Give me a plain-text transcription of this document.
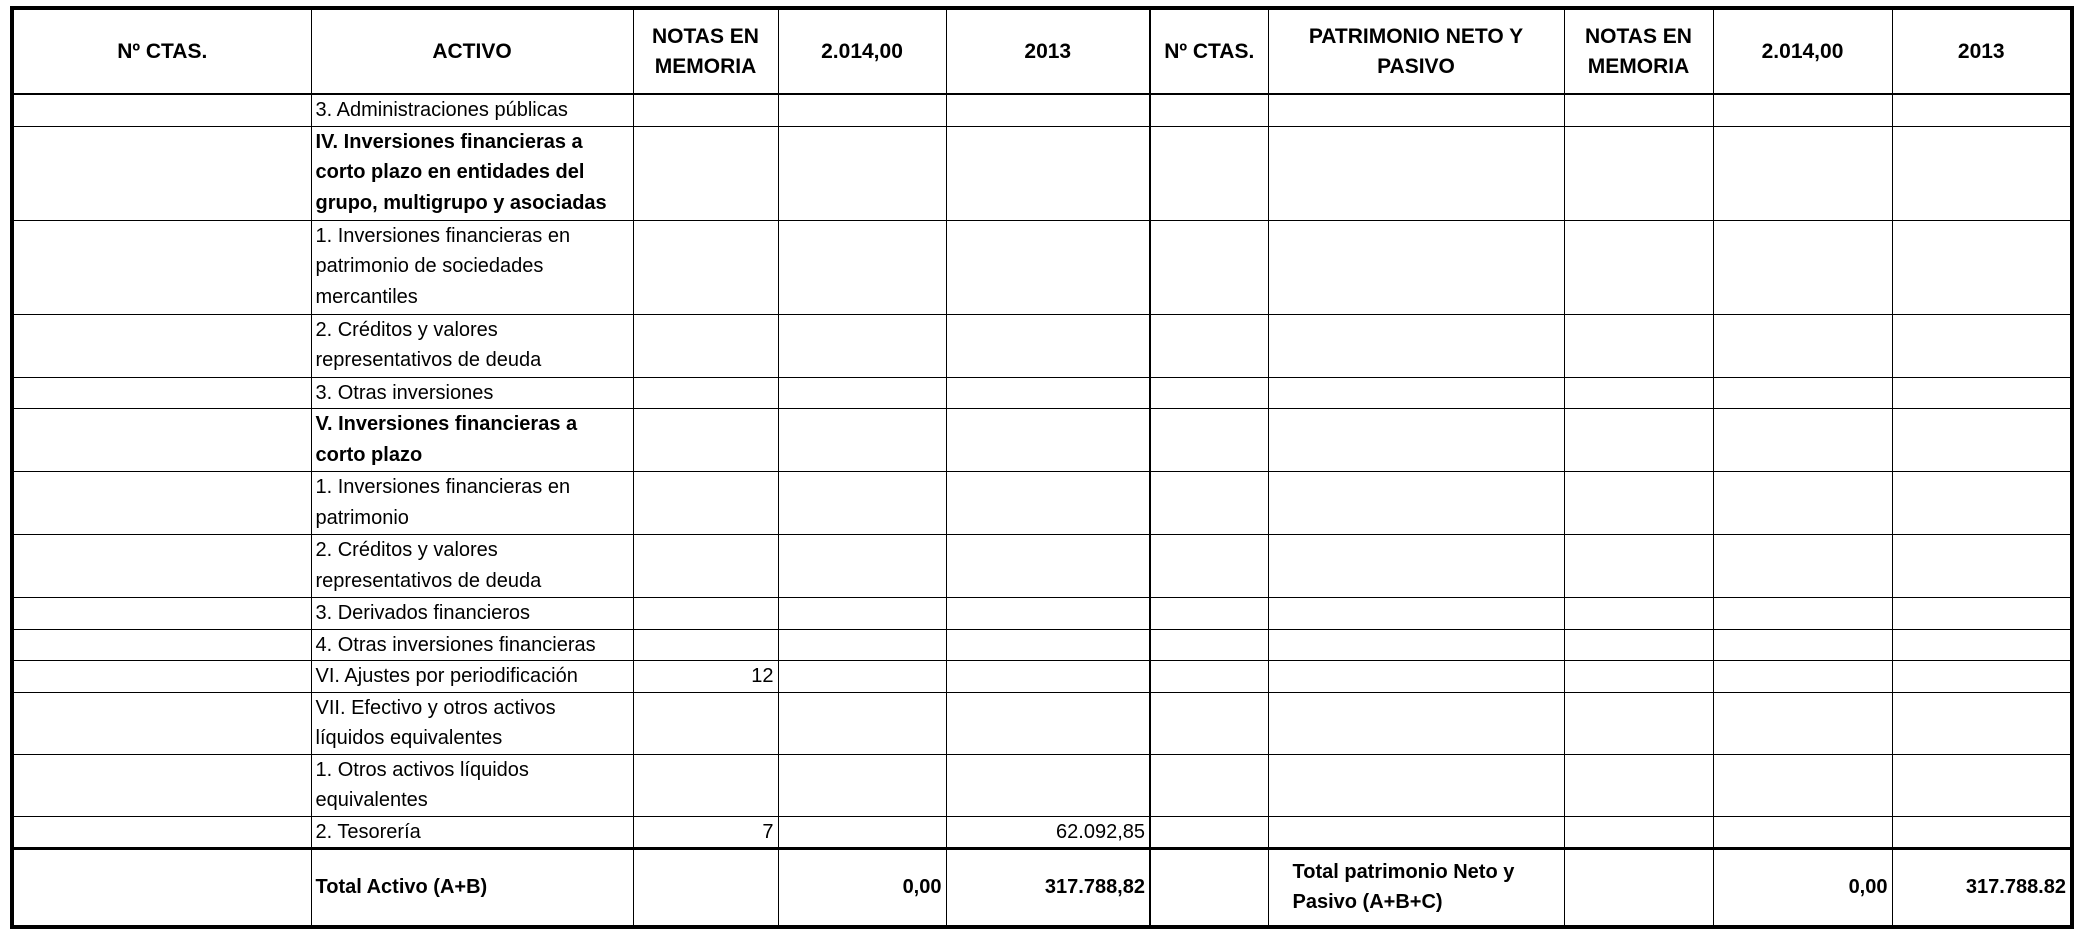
Nº CTAS.	ACTIVO	NOTAS EN MEMORIA	2.014,00	2013	Nº CTAS.	PATRIMONIO NETO Y PASIVO	NOTAS EN MEMORIA	2.014,00	2013
	3. Administraciones públicas								
	IV. Inversiones financieras a corto plazo en entidades del grupo, multigrupo y asociadas								
	1. Inversiones financieras en patrimonio de sociedades mercantiles								
	2. Créditos y valores representativos de deuda								
	3. Otras inversiones								
	V. Inversiones financieras a corto plazo								
	1. Inversiones financieras en patrimonio								
	2. Créditos y valores representativos de deuda								
	3. Derivados financieros								
	4. Otras inversiones financieras								
	VI. Ajustes por periodificación	12							
	VII. Efectivo y otros activos líquidos equivalentes								
	1. Otros activos líquidos equivalentes								
	2. Tesorería	7		62.092,85					
	Total Activo (A+B)		0,00	317.788,82		Total patrimonio Neto y Pasivo (A+B+C)		0,00	317.788.82
